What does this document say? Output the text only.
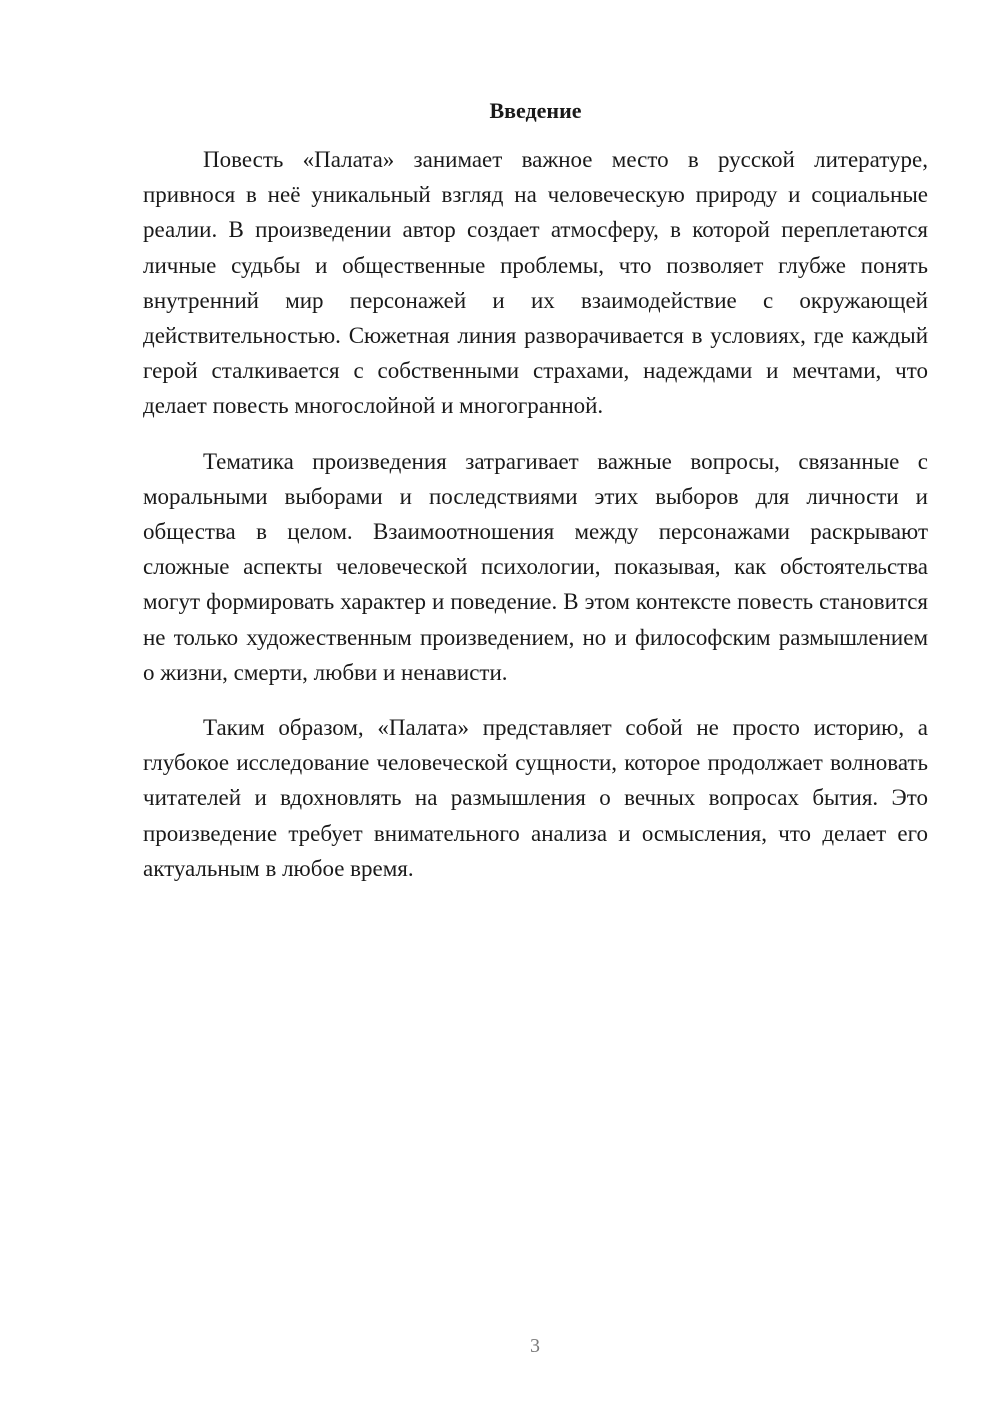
Введение

Повесть «Палата» занимает важное место в русской литературе, привнося в неё уникальный взгляд на человеческую природу и социальные реалии. В произведении автор создает атмосферу, в которой переплетаются личные судьбы и общественные проблемы, что позволяет глубже понять внутренний мир персонажей и их взаимодействие с окружающей действительностью. Сюжетная линия разворачивается в условиях, где каждый герой сталкивается с собственными страхами, надеждами и мечтами, что делает повесть многослойной и многогранной.

Тематика произведения затрагивает важные вопросы, связанные с моральными выборами и последствиями этих выборов для личности и общества в целом. Взаимоотношения между персонажами раскрывают сложные аспекты человеческой психологии, показывая, как обстоятельства могут формировать характер и поведение. В этом контексте повесть становится не только художественным произведением, но и философским размышлением о жизни, смерти, любви и ненависти.

Таким образом, «Палата» представляет собой не просто историю, а глубокое исследование человеческой сущности, которое продолжает волновать читателей и вдохновлять на размышления о вечных вопросах бытия. Это произведение требует внимательного анализа и осмысления, что делает его актуальным в любое время.

3
